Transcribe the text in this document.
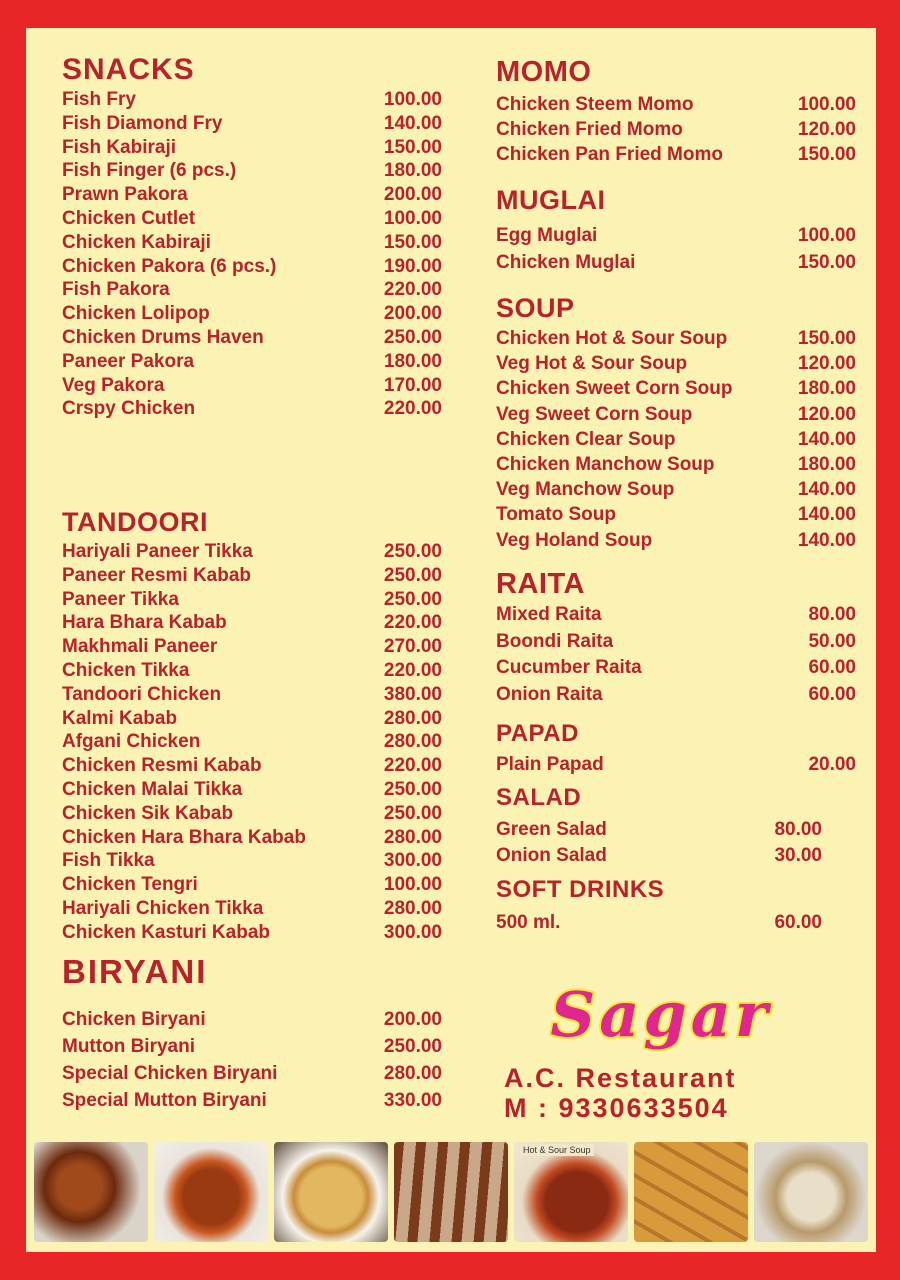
SNACKS
Fish Fry	100.00
Fish Diamond Fry	140.00
Fish Kabiraji	150.00
Fish Finger (6 pcs.)	180.00
Prawn Pakora	200.00
Chicken Cutlet	100.00
Chicken Kabiraji	150.00
Chicken Pakora (6 pcs.)	190.00
Fish Pakora	220.00
Chicken Lolipop	200.00
Chicken Drums Haven	250.00
Paneer Pakora	180.00
Veg Pakora	170.00
Crspy Chicken	220.00
TANDOORI
Hariyali Paneer Tikka	250.00
Paneer Resmi Kabab	250.00
Paneer Tikka	250.00
Hara Bhara Kabab	220.00
Makhmali Paneer	270.00
Chicken Tikka	220.00
Tandoori Chicken	380.00
Kalmi Kabab	280.00
Afgani Chicken	280.00
Chicken Resmi Kabab	220.00
Chicken Malai Tikka	250.00
Chicken Sik Kabab	250.00
Chicken Hara Bhara Kabab	280.00
Fish Tikka	300.00
Chicken Tengri	100.00
Hariyali Chicken Tikka	280.00
Chicken Kasturi Kabab	300.00
BIRYANI
Chicken Biryani	200.00
Mutton Biryani	250.00
Special Chicken Biryani	280.00
Special Mutton Biryani	330.00
MOMO
Chicken Steem Momo	100.00
Chicken Fried Momo	120.00
Chicken Pan Fried Momo	150.00
MUGLAI
Egg Muglai	100.00
Chicken Muglai	150.00
SOUP
Chicken Hot & Sour Soup	150.00
Veg Hot & Sour Soup	120.00
Chicken Sweet Corn Soup	180.00
Veg Sweet Corn Soup	120.00
Chicken Clear Soup	140.00
Chicken Manchow Soup	180.00
Veg Manchow Soup	140.00
Tomato Soup	140.00
Veg Holand Soup	140.00
RAITA
Mixed Raita	80.00
Boondi Raita	50.00
Cucumber Raita	60.00
Onion Raita	60.00
PAPAD
Plain Papad	20.00
SALAD
Green Salad	80.00
Onion Salad	30.00
SOFT DRINKS
500 ml.	60.00
Sagar
A.C. Restaurant
M : 9330633504
Hot & Sour Soup
